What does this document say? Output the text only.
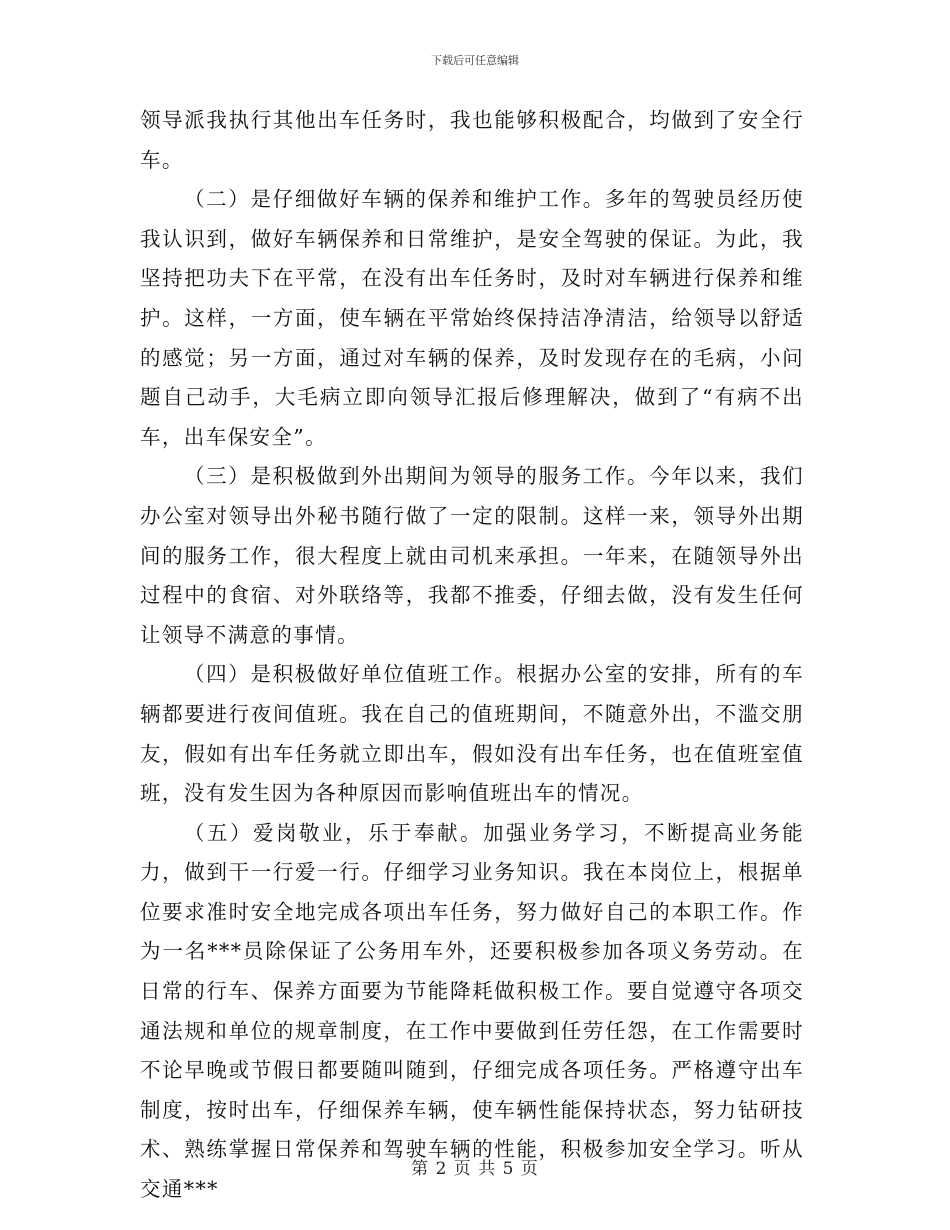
下载后可任意编辑

领导派我执行其他出车任务时，我也能够积极配合，均做到了安全行车。

（二）是仔细做好车辆的保养和维护工作。多年的驾驶员经历使我认识到，做好车辆保养和日常维护，是安全驾驶的保证。为此，我坚持把功夫下在平常，在没有出车任务时，及时对车辆进行保养和维护。这样，一方面，使车辆在平常始终保持洁净清洁，给领导以舒适的感觉；另一方面，通过对车辆的保养，及时发现存在的毛病，小问题自己动手，大毛病立即向领导汇报后修理解决，做到了“有病不出车，出车保安全”。

（三）是积极做到外出期间为领导的服务工作。今年以来，我们办公室对领导出外秘书随行做了一定的限制。这样一来，领导外出期间的服务工作，很大程度上就由司机来承担。一年来，在随领导外出过程中的食宿、对外联络等，我都不推委，仔细去做，没有发生任何让领导不满意的事情。

（四）是积极做好单位值班工作。根据办公室的安排，所有的车辆都要进行夜间值班。我在自己的值班期间，不随意外出，不滥交朋友，假如有出车任务就立即出车，假如没有出车任务，也在值班室值班，没有发生因为各种原因而影响值班出车的情况。

（五）爱岗敬业，乐于奉献。加强业务学习，不断提高业务能力，做到干一行爱一行。仔细学习业务知识。我在本岗位上，根据单位要求准时安全地完成各项出车任务，努力做好自己的本职工作。作为一名***员除保证了公务用车外，还要积极参加各项义务劳动。在日常的行车、保养方面要为节能降耗做积极工作。要自觉遵守各项交通法规和单位的规章制度，在工作中要做到任劳任怨，在工作需要时不论早晚或节假日都要随叫随到，仔细完成各项任务。严格遵守出车制度，按时出车，仔细保养车辆，使车辆性能保持状态，努力钻研技术、熟练掌握日常保养和驾驶车辆的性能，积极参加安全学习。听从交通***

第 2 页 共 5 页
